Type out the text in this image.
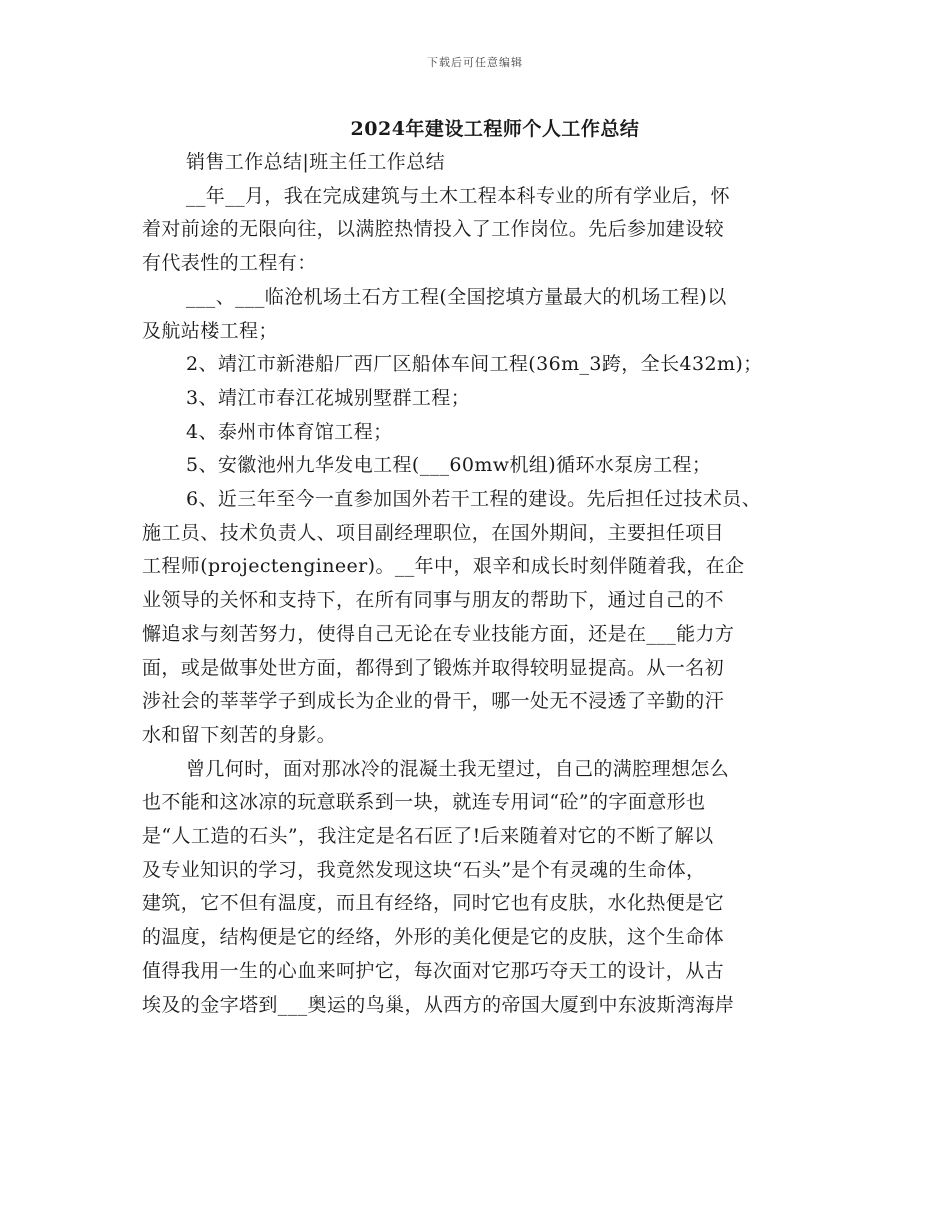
下载后可任意编辑
2024年建设工程师个人工作总结
销售工作总结|班主任工作总结
__年__月，我在完成建筑与土木工程本科专业的所有学业后，怀
着对前途的无限向往，以满腔热情投入了工作岗位。先后参加建设较
有代表性的工程有：
___、___临沧机场土石方工程(全国挖填方量最大的机场工程)以
及航站楼工程；
2、靖江市新港船厂西厂区船体车间工程(36m_3跨，全长432m)；
3、靖江市春江花城别墅群工程；
4、泰州市体育馆工程；
5、安徽池州九华发电工程(___60mw机组)循环水泵房工程；
6、近三年至今一直参加国外若干工程的建设。先后担任过技术员、
施工员、技术负责人、项目副经理职位，在国外期间，主要担任项目
工程师(projectengineer)。__年中，艰辛和成长时刻伴随着我，在企
业领导的关怀和支持下，在所有同事与朋友的帮助下，通过自己的不
懈追求与刻苦努力，使得自己无论在专业技能方面，还是在___能力方
面，或是做事处世方面，都得到了锻炼并取得较明显提高。从一名初
涉社会的莘莘学子到成长为企业的骨干，哪一处无不浸透了辛勤的汗
水和留下刻苦的身影。
曾几何时，面对那冰冷的混凝土我无望过，自己的满腔理想怎么
也不能和这冰凉的玩意联系到一块，就连专用词“砼”的字面意形也
是“人工造的石头”，我注定是名石匠了!后来随着对它的不断了解以
及专业知识的学习，我竟然发现这块“石头”是个有灵魂的生命体，
建筑，它不但有温度，而且有经络，同时它也有皮肤，水化热便是它
的温度，结构便是它的经络，外形的美化便是它的皮肤，这个生命体
值得我用一生的心血来呵护它，每次面对它那巧夺天工的设计，从古
埃及的金字塔到___奥运的鸟巢，从西方的帝国大厦到中东波斯湾海岸
